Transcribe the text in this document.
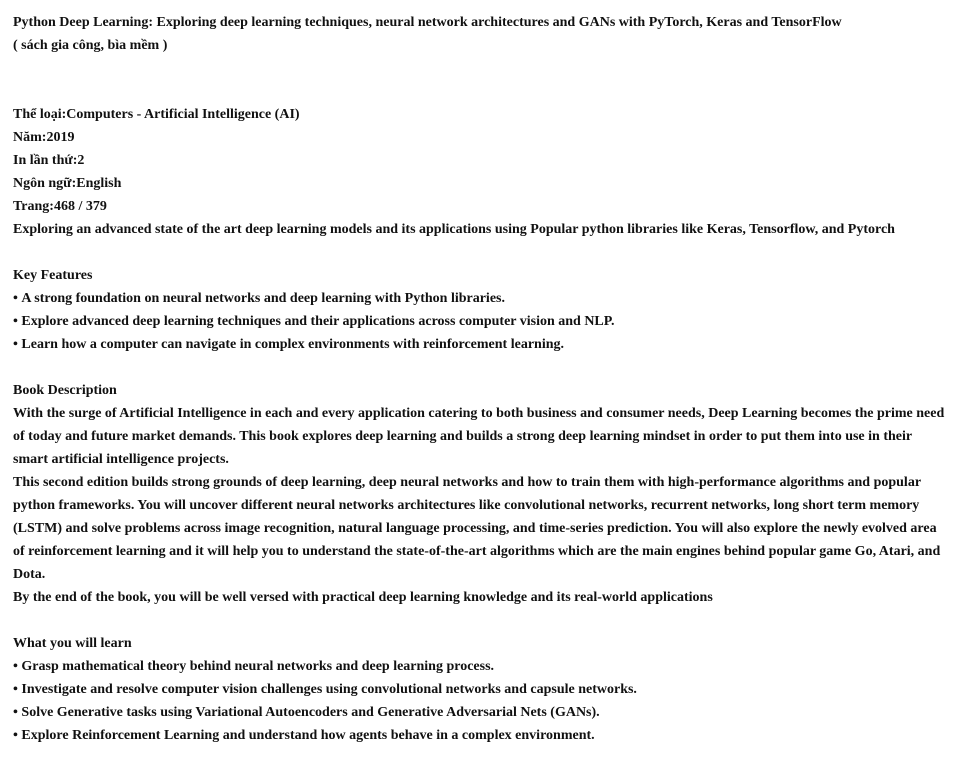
Python Deep Learning: Exploring deep learning techniques, neural network architectures and GANs with PyTorch, Keras and TensorFlow
( sách gia công, bìa mềm )
Thể loại:Computers - Artificial Intelligence (AI)
Năm:2019
In lần thứ:2
Ngôn ngữ:English
Trang:468 / 379

Exploring an advanced state of the art deep learning models and its applications using Popular python libraries like Keras, Tensorflow, and Pytorch

Key Features
• A strong foundation on neural networks and deep learning with Python libraries.
• Explore advanced deep learning techniques and their applications across computer vision and NLP.
• Learn how a computer can navigate in complex environments with reinforcement learning.
Book Description

With the surge of Artificial Intelligence in each and every application catering to both business and consumer needs, Deep Learning becomes the prime need of today and future market demands. This book explores deep learning and builds a strong deep learning mindset in order to put them into use in their smart artificial intelligence projects.

This second edition builds strong grounds of deep learning, deep neural networks and how to train them with high-performance algorithms and popular python frameworks. You will uncover different neural networks architectures like convolutional networks, recurrent networks, long short term memory (LSTM) and solve problems across image recognition, natural language processing, and time-series prediction. You will also explore the newly evolved area of reinforcement learning and it will help you to understand the state-of-the-art algorithms which are the main engines behind popular game Go, Atari, and Dota.

By the end of the book, you will be well versed with practical deep learning knowledge and its real-world applications

What you will learn
• Grasp mathematical theory behind neural networks and deep learning process.
• Investigate and resolve computer vision challenges using convolutional networks and capsule networks.
• Solve Generative tasks using Variational Autoencoders and Generative Adversarial Nets (GANs).
• Explore Reinforcement Learning and understand how agents behave in a complex environment.
